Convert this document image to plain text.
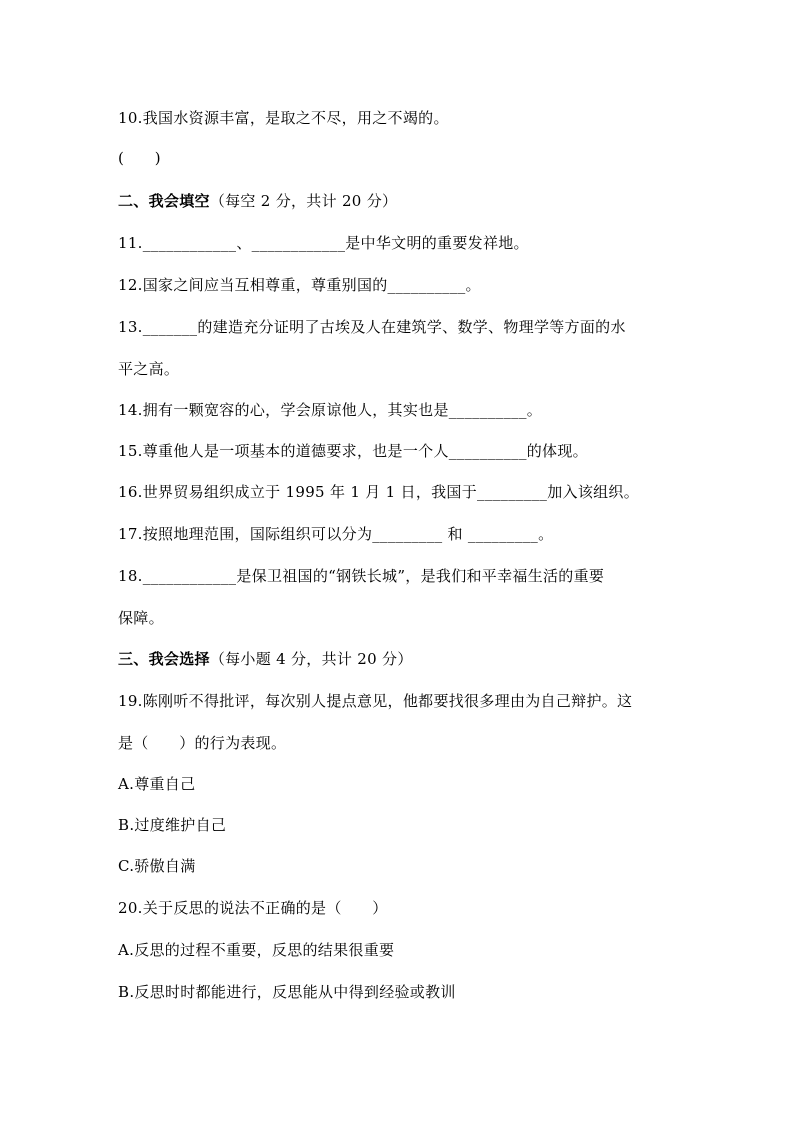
10.我国水资源丰富，是取之不尽，用之不竭的。
(　　)
二、我会填空（每空 2 分，共计 20 分）
11.____________、____________是中华文明的重要发祥地。
12.国家之间应当互相尊重，尊重别国的__________。
13._______的建造充分证明了古埃及人在建筑学、数学、物理学等方面的水
平之高。
14.拥有一颗宽容的心，学会原谅他人，其实也是__________。
15.尊重他人是一项基本的道德要求，也是一个人__________的体现。
16.世界贸易组织成立于 1995 年 1 月 1 日，我国于_________加入该组织。
17.按照地理范围，国际组织可以分为_________ 和 _________。
18.____________是保卫祖国的“钢铁长城”，是我们和平幸福生活的重要
保障。
三、我会选择（每小题 4 分，共计 20 分）
19.陈刚听不得批评，每次别人提点意见，他都要找很多理由为自己辩护。这
是（　　）的行为表现。
A.尊重自己
B.过度维护自己
C.骄傲自满
20.关于反思的说法不正确的是（　　）
A.反思的过程不重要，反思的结果很重要
B.反思时时都能进行，反思能从中得到经验或教训
